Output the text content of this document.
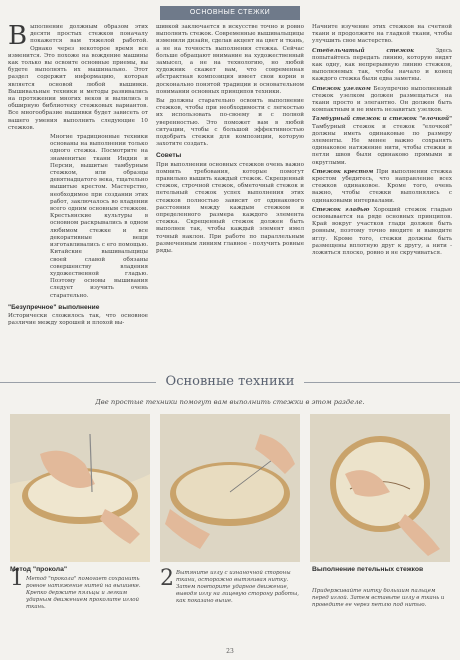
ОСНОВНЫЕ СТЕЖКИ

Выполнение должным образом этих десяти простых стежков поначалу покажется вам тяжелой работой. Однако через некоторое время все изменится. Это похоже на вождение машины как только вы освоите основные приемы, вы будете выполнять их машинально. Этот раздел содержит информацию, которая является основой любой вышивки. Вышивальные техники и методы развивались на протяжении многих веков и вылились в обширную библиотеку стежковых вариантов. Все многообразие вышивки будет зависеть от вашего умения выполнить следующие 10 стежков.

Многие традиционные техники основаны на выполнении только одного стежка. Посмотрите на знаменитые ткани Индии и Персии, вышитые тамбурным стежком, или образцы девятнадцатого века, тщательно вышитые крестом. Мастерство, необходимое при создании этих работ, заключалось во владении всего одним основным стежком. Крестьянские культуры в основном раскрывались в одном любимом стежке и все декоративные вещи изготавливались с его помощью. Китайские вышивальщицы своей славой обязаны совершенству владения художественной гладью. Поэтому основы вышивания следует изучить очень старательно.

"Безупречное" выполнение

Исторически сложилось так, что основное различие между хорошей и плохой вы-

шивкой заключается в искусстве точно и ровно выполнить стежок. Современные вышивальщицы изменили дизайн, сделав акцент на цвет и ткань, а не на точность выполнения стежка. Сейчас больше обращают внимание на художественный замысел, а не на технологию, но любой художник скажет вам, что современная абстрактная композиция имеет свои корни в досконально понятой традиции и основательном понимании основных принципов техники.

Вы должны старательно освоить выполнение стежков, чтобы при необходимости с легкостью их использовать по-своему и с полной уверенностью. Это поможет вам в любой ситуации, чтобы с большой эффективностью подобрать стежки для композиции, которую захотите создать.

Советы

При выполнении основных стежков очень важно помнить требования, которые помогут правильно вышить каждый стежок. Скрещенный стежок, строчной стежок, обметочный стежок и петельный стежок успех выполнения этих стежков полностью зависит от одинакового расстояния между каждым стежком и определенного размера каждого элемента стежка. Скрещенный стежок должен быть выполнен так, чтобы каждый элемент имел точный наклон. При работе по параллельным размеченным линиям главное - получить ровные ряды.

Начните изучение этих стежков на счетной ткани и продолжите на гладкой ткани, чтобы улучшить свое мастерство.

Стебельчатый стежок Здесь попытайтесь передать линию, которую видят как одну, как непрерывную линию стежков, выполняемых так, чтобы начало и конец каждого стежка были едва заметны.

Стежок узелком Безупречно выполненный стежок узелком должен размещаться на ткани просто и элегантно. Он должен быть компактным и не иметь незавитых узелков.

Тамбурный стежок и стежок "елочкой" Тамбурный стежок и стежок "елочкой" должны иметь одинаковые по размеру элементы. Не менее важно сохранять одинаковое натяжение нити, чтобы стежки и петли швов были одинаково прямыми и округлыми.

Стежок крестом При выполнении стежка крестом убедитесь, что направление всех стежков одинаковое. Кроме того, очень важно, чтобы стежки выполнялись с одинаковыми интервалами.

Стежок гладью Хороший стежок гладью основывается на ряде основных принципов. Край вокруг участков глади должен быть ровным, поэтому точно вводите и выводите иглу. Кроме того, стежки должны быть размещены вплотную друг к другу, а нити - ложиться плоско, ровно и не скручиваться.

Основные техники
Две простые техники помогут вам выполнить стежки в этом разделе.
1
Метод "прокола"
Метод "прокола" помогает сохранить ровное натяжение нитей на вышивке. Крепко держите пяльцы и легким ударным движением проколите иглой ткань.
2 Вытяните иглу с изнаночной стороны ткани, осторожно вытягивая нитку. Затем повторите ударное движение, выводя иглу на лицевую сторону работы, как показано выше.
Выполнение петельных стежков
Придерживайте нитку большим пальцем перед иглой. Затем вставьте иглу в ткань и проведите ее через петлю под нитью.
23
